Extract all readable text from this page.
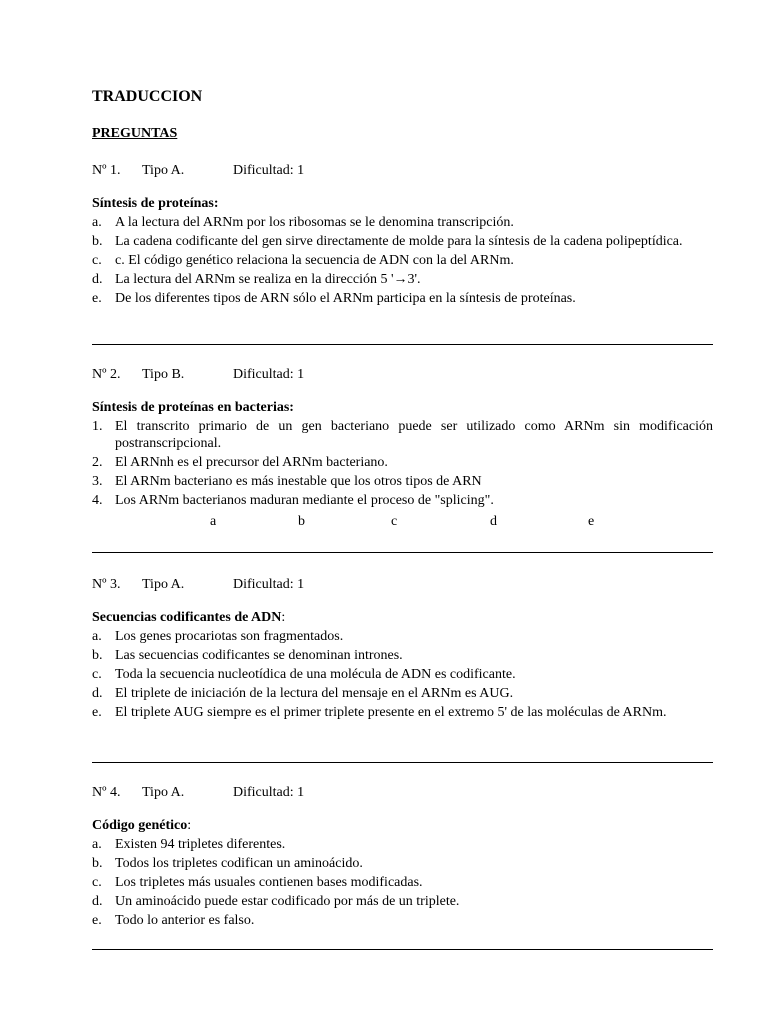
TRADUCCION
PREGUNTAS
Nº 1. Tipo A.	Dificultad: 1
Síntesis de proteínas:
a. A la lectura del ARNm por los ribosomas se le denomina transcripción.
b. La cadena codificante del gen sirve directamente de molde para la síntesis de la cadena polipeptídica.
c. c. El código genético relaciona la secuencia de ADN con la del ARNm.
d. La lectura del ARNm se realiza en la dirección 5 '→3'.
e. De los diferentes tipos de ARN sólo el ARNm participa en la síntesis de proteínas.
Nº 2. Tipo B.	Dificultad: 1
Síntesis de proteínas en bacterias:
1. El transcrito primario de un gen bacteriano puede ser utilizado como ARNm sin modificación postranscripcional.
2. El ARNnh es el precursor del ARNm bacteriano.
3. El ARNm bacteriano es más inestable que los otros tipos de ARN
4. Los ARNm bacterianos maduran mediante el proceso de "splicing".
a	b	c	d	e
Nº 3. Tipo A.	Dificultad: 1
Secuencias codificantes de ADN:
a. Los genes procariotas son fragmentados.
b. Las secuencias codificantes se denominan intrones.
c. Toda la secuencia nucleotídica de una molécula de ADN es codificante.
d. El triplete de iniciación de la lectura del mensaje en el ARNm es AUG.
e. El triplete AUG siempre es el primer triplete presente en el extremo 5' de las moléculas de ARNm.
Nº 4. Tipo A.	Dificultad: 1
Código genético:
a. Existen 94 tripletes diferentes.
b. Todos los tripletes codifican un aminoácido.
c. Los tripletes más usuales contienen bases modificadas.
d. Un aminoácido puede estar codificado por más de un triplete.
e. Todo lo anterior es falso.
